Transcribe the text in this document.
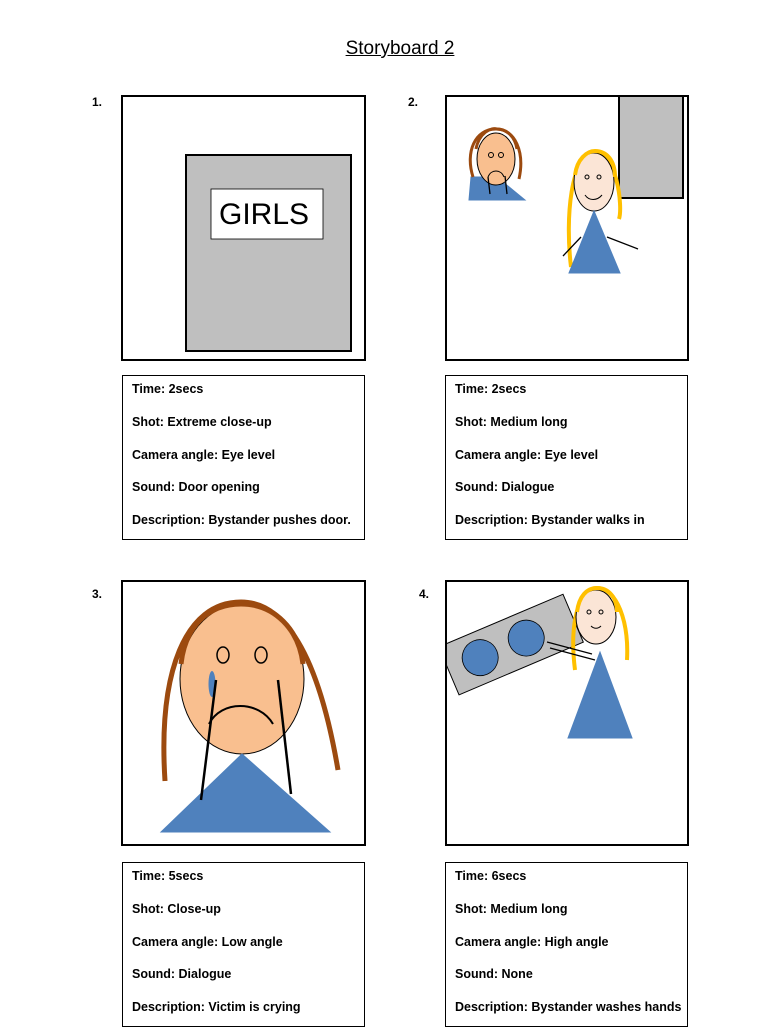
Storyboard 2
1.
GIRLS
Time: 2secs
Shot: Extreme close-up
Camera angle: Eye level
Sound: Door opening
Description: Bystander pushes door.
2.
Time: 2secs
Shot: Medium long
Camera angle: Eye level
Sound: Dialogue
Description: Bystander walks in
3.
Time: 5secs
Shot: Close-up
Camera angle: Low angle
Sound: Dialogue
Description: Victim is crying
4.
Time: 6secs
Shot: Medium long
Camera angle: High angle
Sound: None
Description: Bystander washes hands
